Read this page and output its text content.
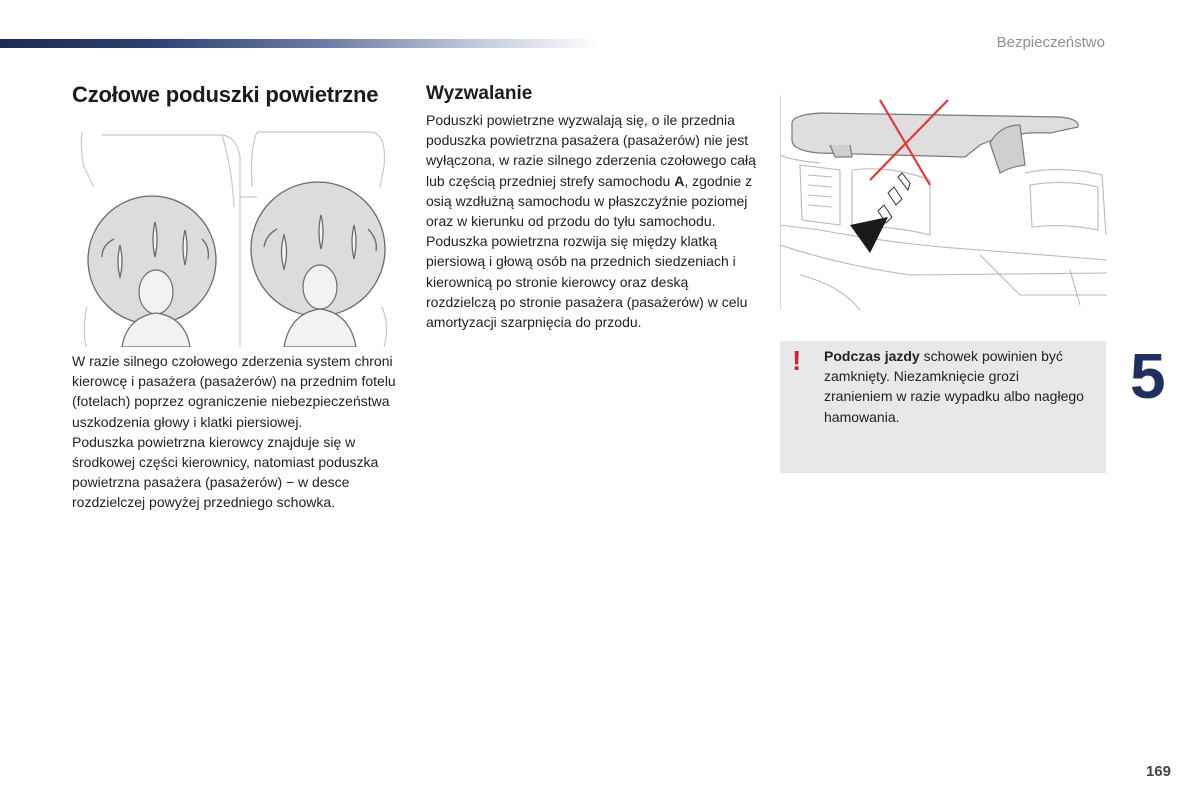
Bezpieczeństwo
Czołowe poduszki powietrzne	Wyzwalanie

Poduszki powietrzne wyzwalają się, o ile przednia poduszka powietrzna pasażera (pasażerów) nie jest wyłączona, w razie silnego zderzenia czołowego całą lub częścią przedniej strefy samochodu A, zgodnie z osią wzdłużną samochodu w płaszczyźnie poziomej oraz w kierunku od przodu do tyłu samochodu.

Poduszka powietrzna rozwija się między klatką piersiową i głową osób na przednich siedzeniach i kierownicą po stronie kierowcy oraz deską rozdzielczą po stronie pasażera (pasażerów) w celu amortyzacji szarpnięcia do przodu.

W razie silnego czołowego zderzenia system chroni kierowcę i pasażera (pasażerów) na przednim fotelu (fotelach) poprzez ograniczenie niebezpieczeństwa uszkodzenia głowy i klatki piersiowej.

Poduszka powietrzna kierowcy znajduje się w środkowej części kierownicy, natomiast poduszka powietrzna pasażera (pasażerów) − w desce rozdzielczej powyżej przedniego schowka.

! Podczas jazdy schowek powinien być zamknięty. Niezamknięcie grozi zranieniem w razie wypadku albo nagłego hamowania.
5
169
